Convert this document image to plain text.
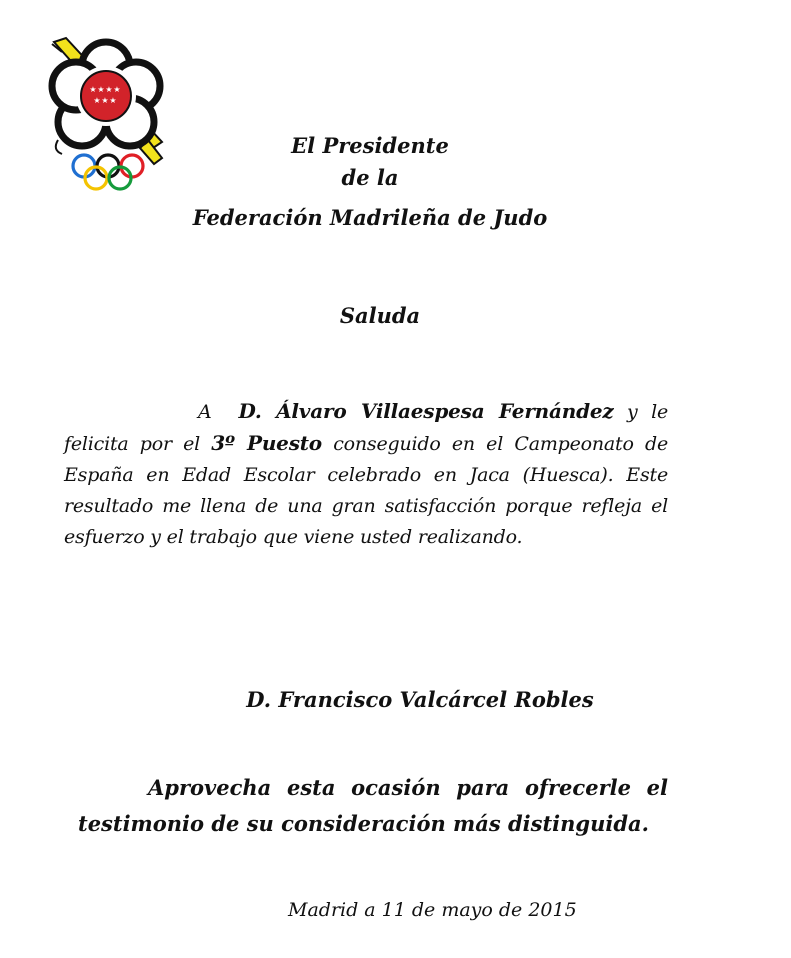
★ ★ ★ ★
★ ★ ★
El Presidente
de la
Federación Madrileña de Judo
Saluda
A D. Álvaro Villaespesa Fernández y le felicita por el 3º Puesto conseguido en el Campeonato de España en Edad Escolar celebrado en Jaca (Huesca). Este resultado me llena de una gran satisfacción porque refleja el esfuerzo y el trabajo que viene usted realizando.
D. Francisco Valcárcel Robles
Aprovecha esta ocasión para ofrecerle el
testimonio de su consideración más distinguida.
Madrid a 11 de mayo de 2015
